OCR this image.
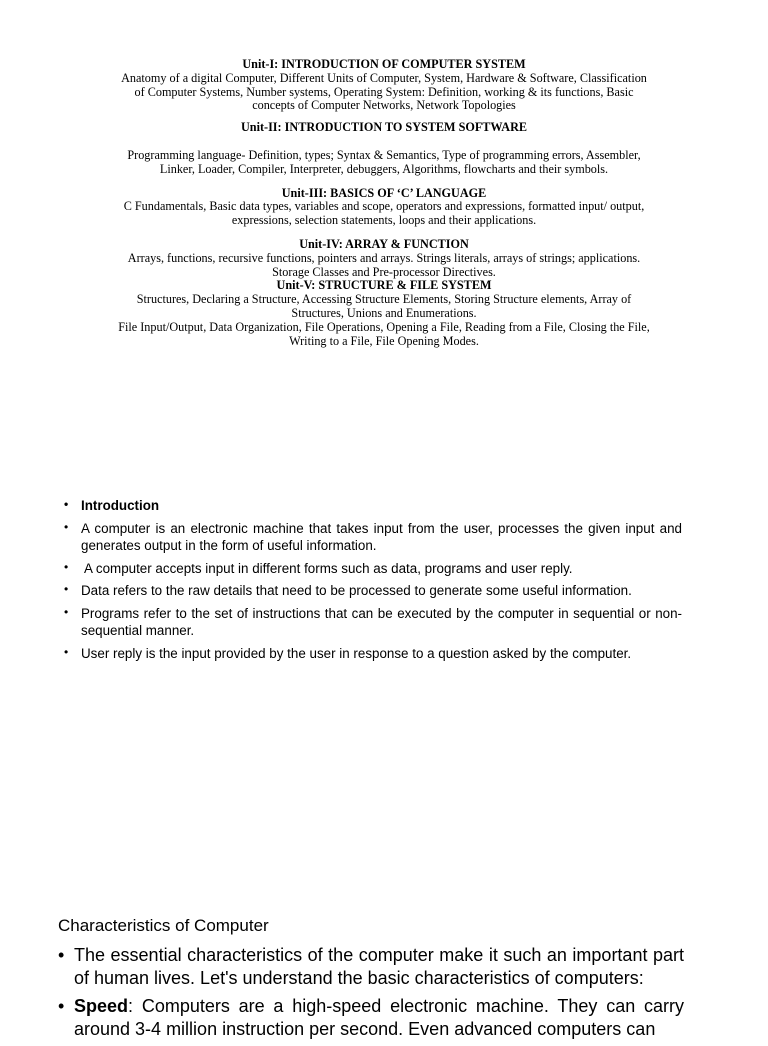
Unit-I: INTRODUCTION OF COMPUTER SYSTEM

Anatomy of a digital Computer, Different Units of Computer, System, Hardware & Software, Classification

of Computer Systems, Number systems, Operating System: Definition, working & its functions, Basic

concepts of Computer Networks, Network Topologies

Unit-II: INTRODUCTION TO SYSTEM SOFTWARE

Programming language- Definition, types; Syntax & Semantics, Type of programming errors, Assembler,

Linker, Loader, Compiler, Interpreter, debuggers, Algorithms, flowcharts and their symbols.

Unit-III: BASICS OF ‘C’ LANGUAGE

C Fundamentals, Basic data types, variables and scope, operators and expressions, formatted input/ output,

expressions, selection statements, loops and their applications.

Unit-IV: ARRAY & FUNCTION

Arrays, functions, recursive functions, pointers and arrays. Strings literals, arrays of strings; applications.

Storage Classes and Pre-processor Directives.

Unit-V: STRUCTURE & FILE SYSTEM

Structures, Declaring a Structure, Accessing Structure Elements, Storing Structure elements, Array of

Structures, Unions and Enumerations.

File Input/Output, Data Organization, File Operations, Opening a File, Reading from a File, Closing the File,

Writing to a File, File Opening Modes.

• Introduction
• A computer is an electronic machine that takes input from the user, processes the given input and generates output in the form of useful information.
• A computer accepts input in different forms such as data, programs and user reply.
• Data refers to the raw details that need to be processed to generate some useful information.
• Programs refer to the set of instructions that can be executed by the computer in sequential or non-sequential manner.
• User reply is the input provided by the user in response to a question asked by the computer.
Characteristics of Computer
• The essential characteristics of the computer make it such an important part of human lives. Let's understand the basic characteristics of computers:
• Speed: Computers are a high-speed electronic machine. They can carry around 3-4 million instruction per second. Even advanced computers can
